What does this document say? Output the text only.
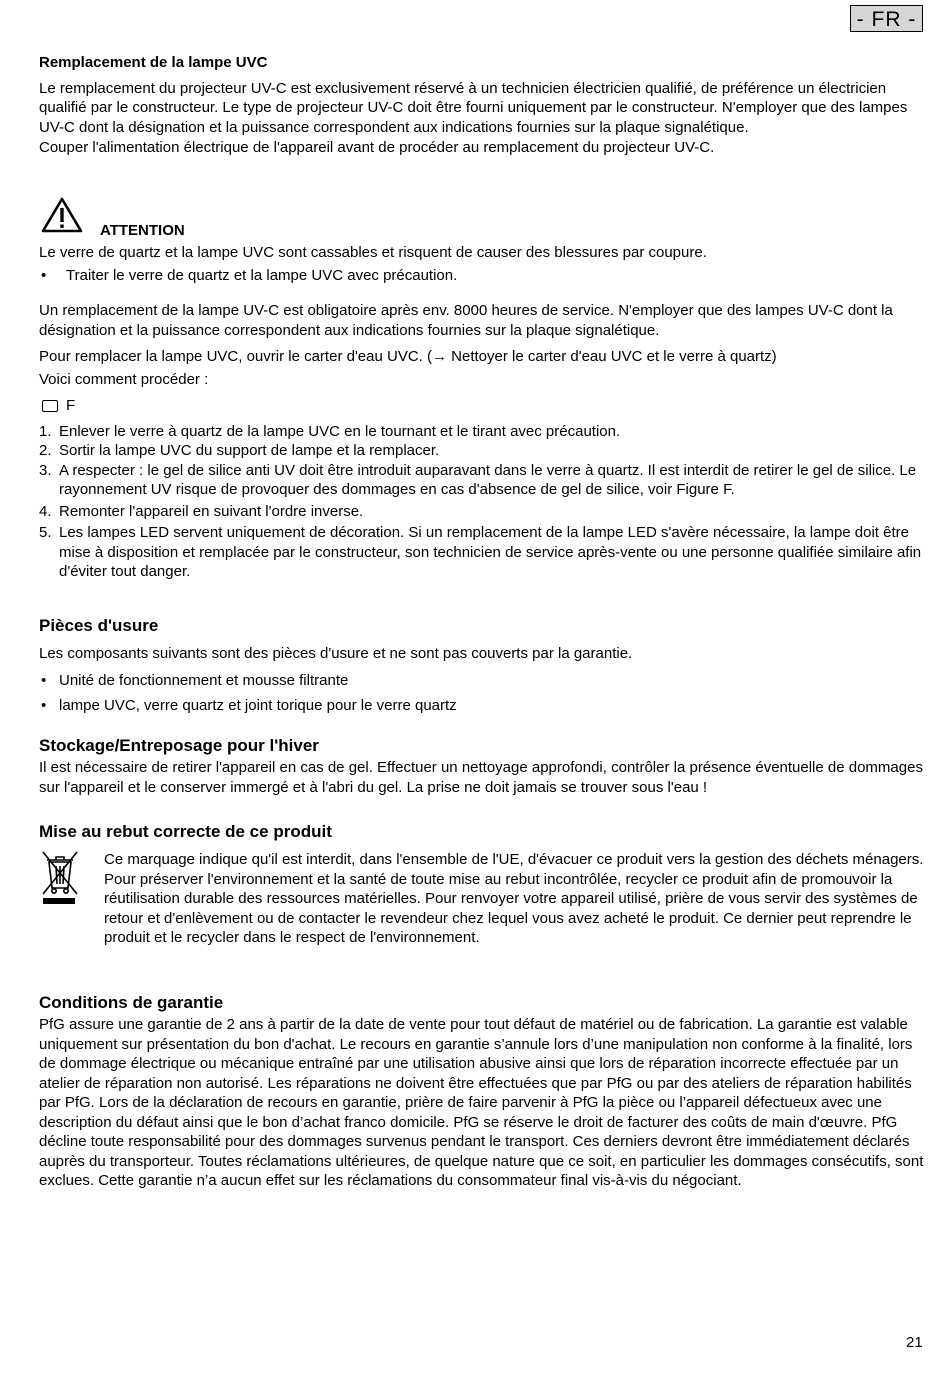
- FR -

Remplacement de la lampe UVC

Le remplacement du projecteur UV-C est exclusivement réservé à un technicien électricien qualifié, de préférence un électricien qualifié par le constructeur. Le type de projecteur UV-C doit être fourni uniquement par le constructeur. N'employer que des lampes UV-C dont la désignation et la puissance correspondent aux indications fournies sur la plaque signalétique.

Couper l'alimentation électrique de l'appareil avant de procéder au remplacement du projecteur UV-C.

ATTENTION

Le verre de quartz et la lampe UVC sont cassables et risquent de causer des blessures par coupure.

• Traiter le verre de quartz et la lampe UVC avec précaution.

Un remplacement de la lampe UV-C est obligatoire après env. 8000 heures de service. N'employer que des lampes UV-C dont la désignation et la puissance correspondent aux indications fournies sur la plaque signalétique.

Pour remplacer la lampe UVC, ouvrir le carter d'eau UVC. (→ Nettoyer le carter d'eau UVC et le verre à quartz)

Voici comment procéder :

F
1. Enlever le verre à quartz de la lampe UVC en le tournant et le tirant avec précaution.
2. Sortir la lampe UVC du support de lampe et la remplacer.
3. A respecter : le gel de silice anti UV doit être introduit auparavant dans le verre à quartz. Il est interdit de retirer le gel de silice. Le rayonnement UV risque de provoquer des dommages en cas d'absence de gel de silice, voir Figure F.
4. Remonter l'appareil en suivant l'ordre inverse.
5. Les lampes LED servent uniquement de décoration. Si un remplacement de la lampe LED s'avère nécessaire, la lampe doit être mise à disposition et remplacée par le constructeur, son technicien de service après-vente ou une personne qualifiée similaire afin d'éviter tout danger.

Pièces d'usure

Les composants suivants sont des pièces d'usure et ne sont pas couverts par la garantie.

• Unité de fonctionnement et mousse filtrante

• lampe UVC, verre quartz et joint torique pour le verre quartz

Stockage/Entreposage pour l'hiver

Il est nécessaire de retirer l'appareil en cas de gel. Effectuer un nettoyage approfondi, contrôler la présence éventuelle de dommages sur l'appareil et le conserver immergé et à l'abri du gel. La prise ne doit jamais se trouver sous l'eau !

Mise au rebut correcte de ce produit

Ce marquage indique qu'il est interdit, dans l'ensemble de l'UE, d'évacuer ce produit vers la gestion des déchets ménagers. Pour préserver l'environnement et la santé de toute mise au rebut incontrôlée, recycler ce produit afin de promouvoir la réutilisation durable des ressources matérielles. Pour renvoyer votre appareil utilisé, prière de vous servir des systèmes de retour et d'enlèvement ou de contacter le revendeur chez lequel vous avez acheté le produit. Ce dernier peut reprendre le produit et le recycler dans le respect de l'environnement.

Conditions de garantie

PfG assure une garantie de 2 ans à partir de la date de vente pour tout défaut de matériel ou de fabrication. La garantie est valable uniquement sur présentation du bon d'achat. Le recours en garantie s’annule lors d’une manipulation non conforme à la finalité, lors de dommage électrique ou mécanique entraîné par une utilisation abusive ainsi que lors de réparation incorrecte effectuée par un atelier de réparation non autorisé. Les réparations ne doivent être effectuées que par PfG ou par des ateliers de réparation habilités par PfG. Lors de la déclaration de recours en garantie, prière de faire parvenir à PfG la pièce ou l’appareil défectueux avec une description du défaut ainsi que le bon d’achat franco domicile. PfG se réserve le droit de facturer des coûts de main d'œuvre. PfG décline toute responsabilité pour des dommages survenus pendant le transport. Ces derniers devront être immédiatement déclarés auprès du transporteur. Toutes réclamations ultérieures, de quelque nature que ce soit, en particulier les dommages consécutifs, sont exclues. Cette garantie n’a aucun effet sur les réclamations du consommateur final vis-à-vis du négociant.

21
